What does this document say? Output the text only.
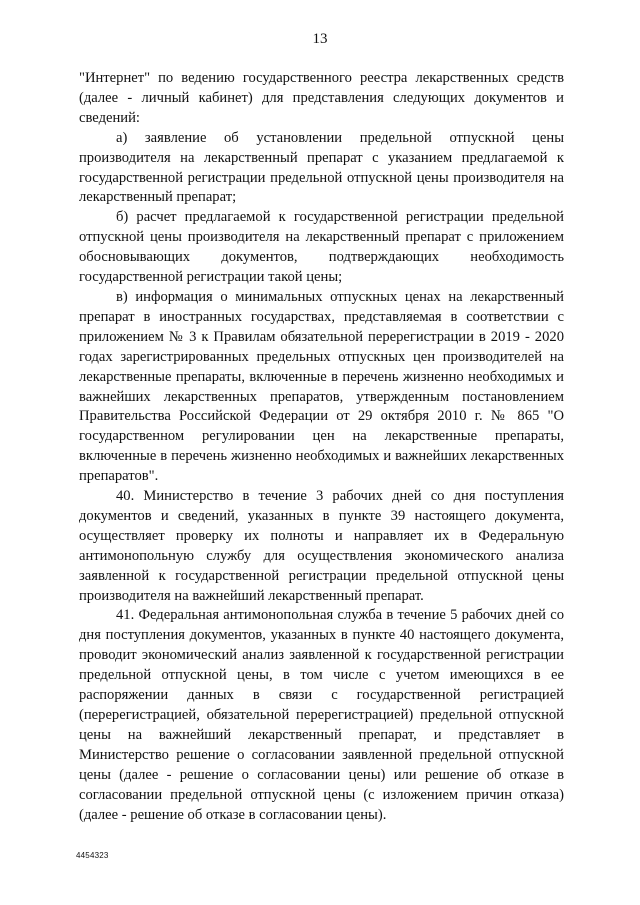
13

"Интернет" по ведению государственного реестра лекарственных средств (далее - личный кабинет) для представления следующих документов и сведений:

а) заявление об установлении предельной отпускной цены производителя на лекарственный препарат с указанием предлагаемой к государственной регистрации предельной отпускной цены производителя на лекарственный препарат;

б) расчет предлагаемой к государственной регистрации предельной отпускной цены производителя на лекарственный препарат с приложением обосновывающих документов, подтверждающих необходимость государственной регистрации такой цены;

в) информация о минимальных отпускных ценах на лекарственный препарат в иностранных государствах, представляемая в соответствии с приложением № 3 к Правилам обязательной перерегистрации в 2019 - 2020 годах зарегистрированных предельных отпускных цен производителей на лекарственные препараты, включенные в перечень жизненно необходимых и важнейших лекарственных препаратов, утвержденным постановлением Правительства Российской Федерации от 29 октября 2010 г. № 865 "О государственном регулировании цен на лекарственные препараты, включенные в перечень жизненно необходимых и важнейших лекарственных препаратов".

40. Министерство в течение 3 рабочих дней со дня поступления документов и сведений, указанных в пункте 39 настоящего документа, осуществляет проверку их полноты и направляет их в Федеральную антимонопольную службу для осуществления экономического анализа заявленной к государственной регистрации предельной отпускной цены производителя на важнейший лекарственный препарат.

41. Федеральная антимонопольная служба в течение 5 рабочих дней со дня поступления документов, указанных в пункте 40 настоящего документа, проводит экономический анализ заявленной к государственной регистрации предельной отпускной цены, в том числе с учетом имеющихся в ее распоряжении данных в связи с государственной регистрацией (перерегистрацией, обязательной перерегистрацией) предельной отпускной цены на важнейший лекарственный препарат, и представляет в Министерство решение о согласовании заявленной предельной отпускной цены (далее - решение о согласовании цены) или решение об отказе в согласовании предельной отпускной цены (с изложением причин отказа) (далее - решение об отказе в согласовании цены).

4454323
